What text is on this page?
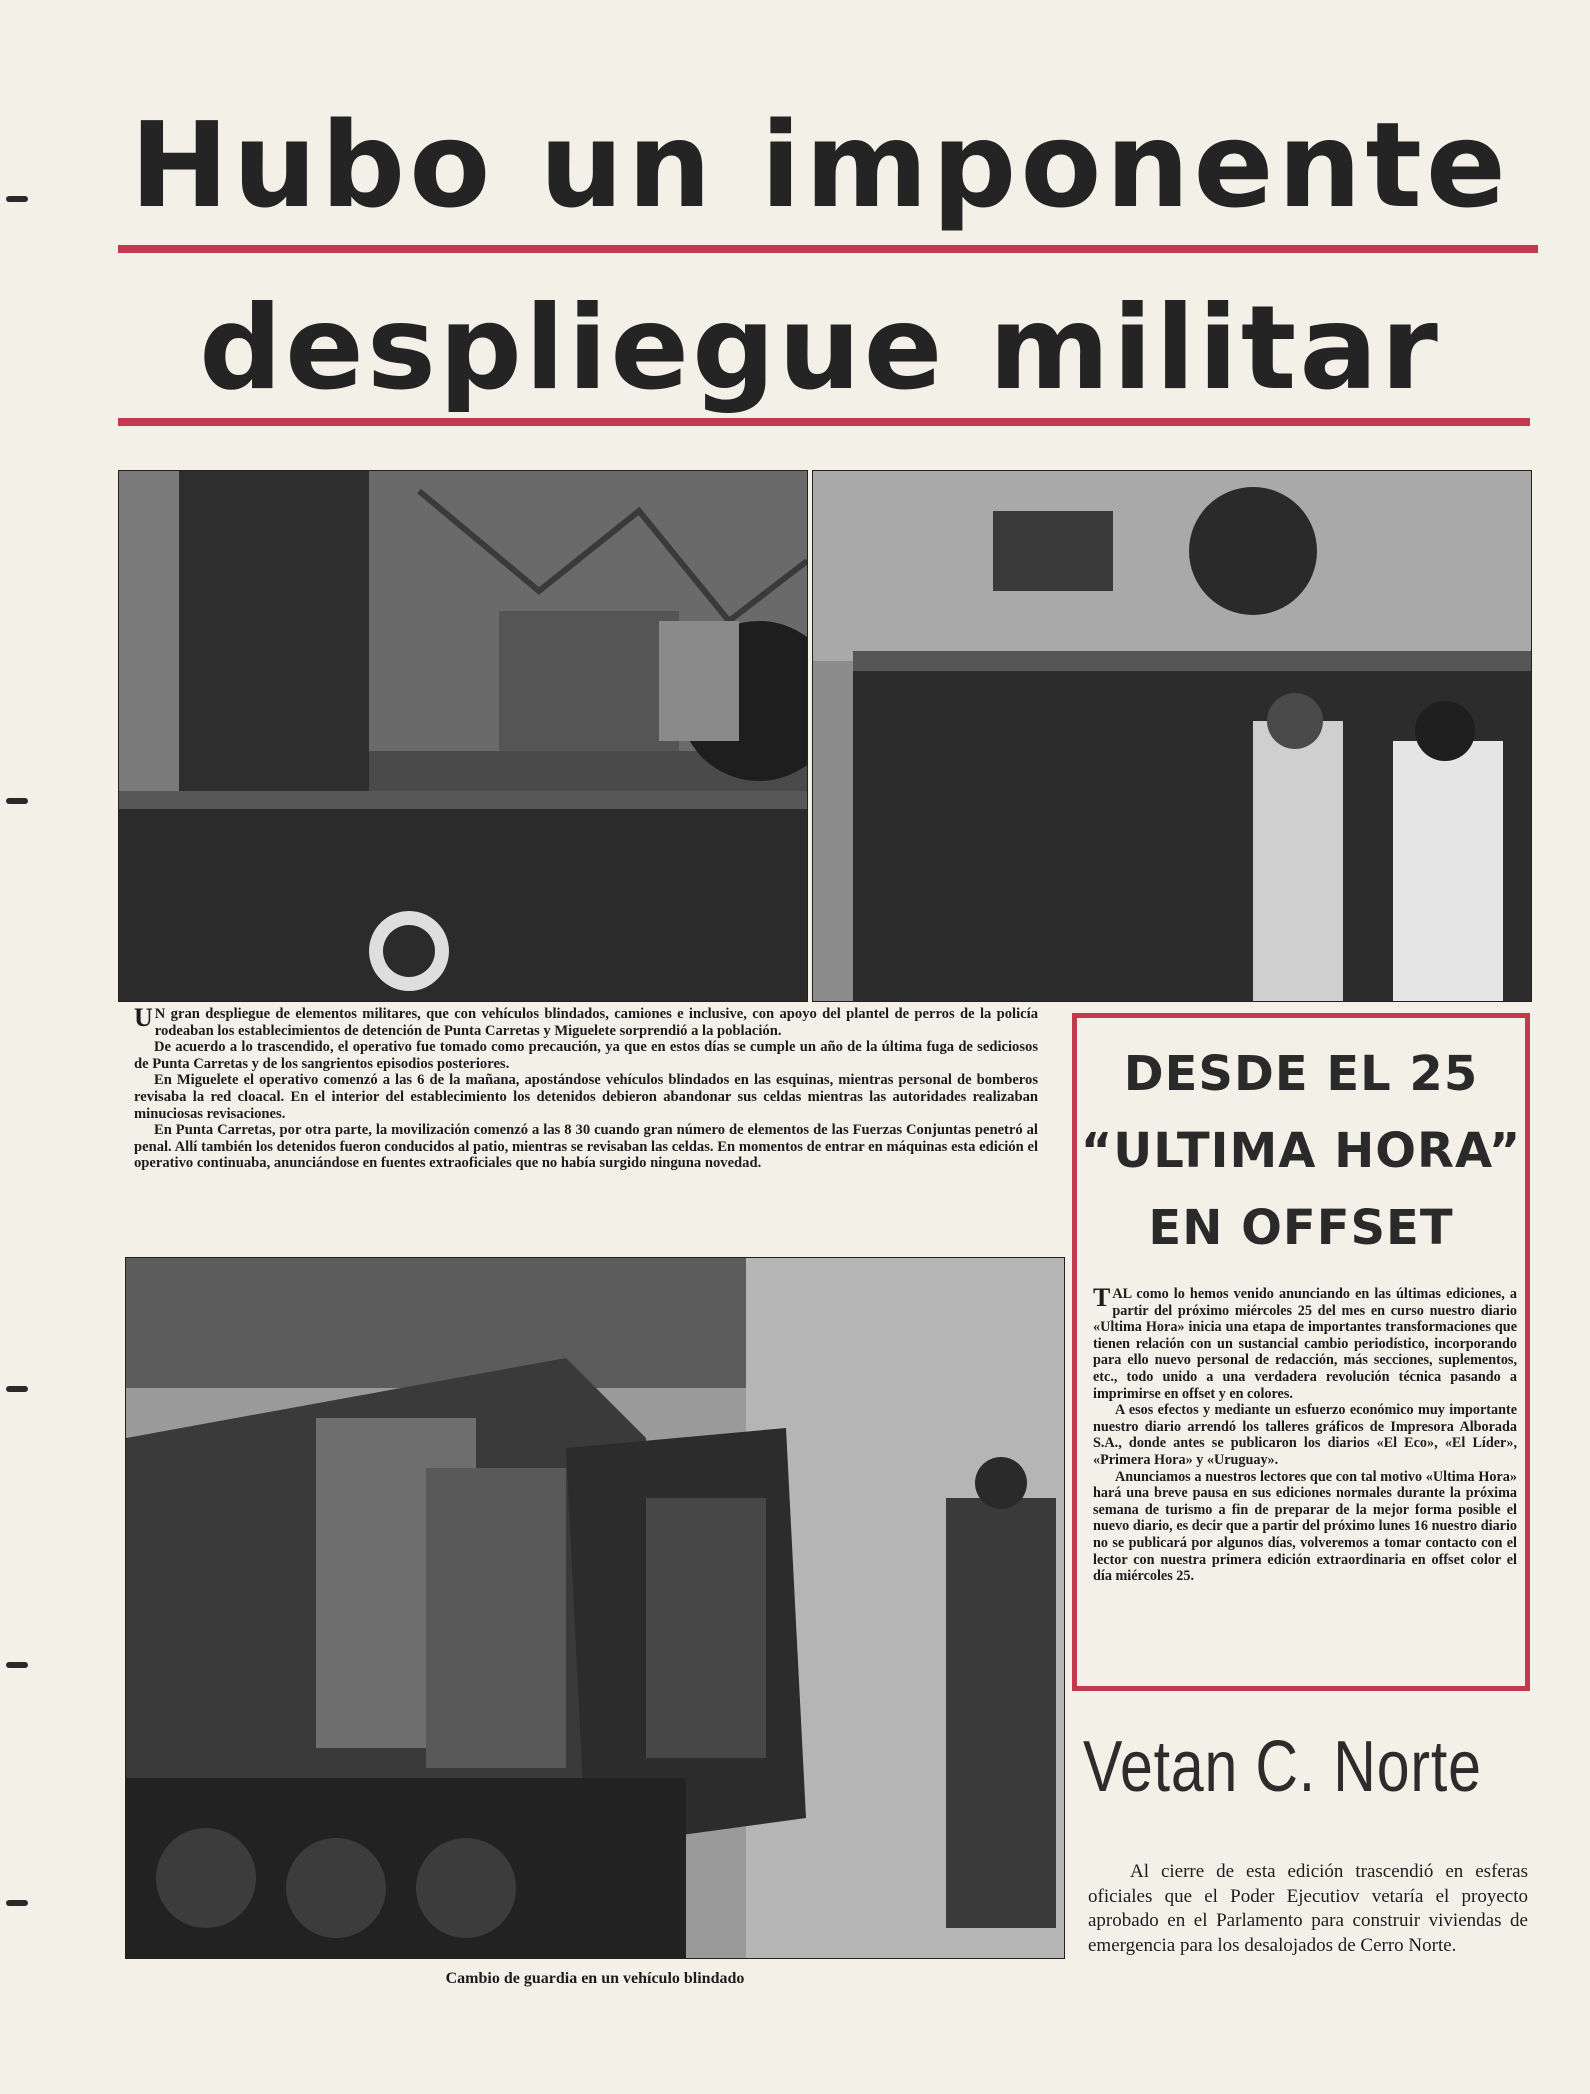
Hubo un imponente
despliegue militar

U N gran despliegue de elementos militares, que con vehículos blindados, camiones e inclusive, con apoyo del plantel de perros de la policía rodeaban los establecimientos de detención de Punta Carretas y Miguelete sorprendió a la población.

De acuerdo a lo trascendido, el operativo fue tomado como precaución, ya que en estos días se cumple un año de la última fuga de sediciosos de Punta Carretas y de los sangrientos episodios posteriores.

En Miguelete el operativo comenzó a las 6 de la mañana, apostándose vehículos blindados en las esquinas, mientras personal de bomberos revisaba la red cloacal. En el interior del establecimiento los detenidos debieron abandonar sus celdas mientras las autoridades realizaban minuciosas revisaciones.

En Punta Carretas, por otra parte, la movilización comenzó a las 8 30 cuando gran número de elementos de las Fuerzas Conjuntas penetró al penal. Allí también los detenidos fueron conducidos al patio, mientras se revisaban las celdas. En momentos de entrar en máquinas esta edición el operativo continuaba, anunciándose en fuentes extraoficiales que no había surgido ninguna novedad.

Cambio de guardia en un vehículo blindado
DESDE EL 25
“ULTIMA HORA”
EN OFFSET

TAL como lo hemos venido anunciando en las últimas ediciones, a partir del próximo miércoles 25 del mes en curso nuestro diario «Ultima Hora» inicia una etapa de importantes transformaciones que tienen relación con un sustancial cambio periodístico, incorporando para ello nuevo personal de redacción, más secciones, suplementos, etc., todo unido a una verdadera revolución técnica pasando a imprimirse en offset y en colores.

A esos efectos y mediante un esfuerzo económico muy importante nuestro diario arrendó los talleres gráficos de Impresora Alborada S.A., donde antes se publicaron los diarios «El Eco», «El Líder», «Primera Hora» y «Uruguay».

Anunciamos a nuestros lectores que con tal motivo «Ultima Hora» hará una breve pausa en sus ediciones normales durante la próxima semana de turismo a fin de preparar de la mejor forma posible el nuevo diario, es decir que a partir del próximo lunes 16 nuestro diario no se publicará por algunos días, volveremos a tomar contacto con el lector con nuestra primera edición extraordinaria en offset color el día miércoles 25.

Vetan C. Norte

Al cierre de esta edición trascendió en esferas oficiales que el Poder Ejecutiov vetaría el proyecto aprobado en el Parlamento para construir viviendas de emergencia para los desalojados de Cerro Norte.
